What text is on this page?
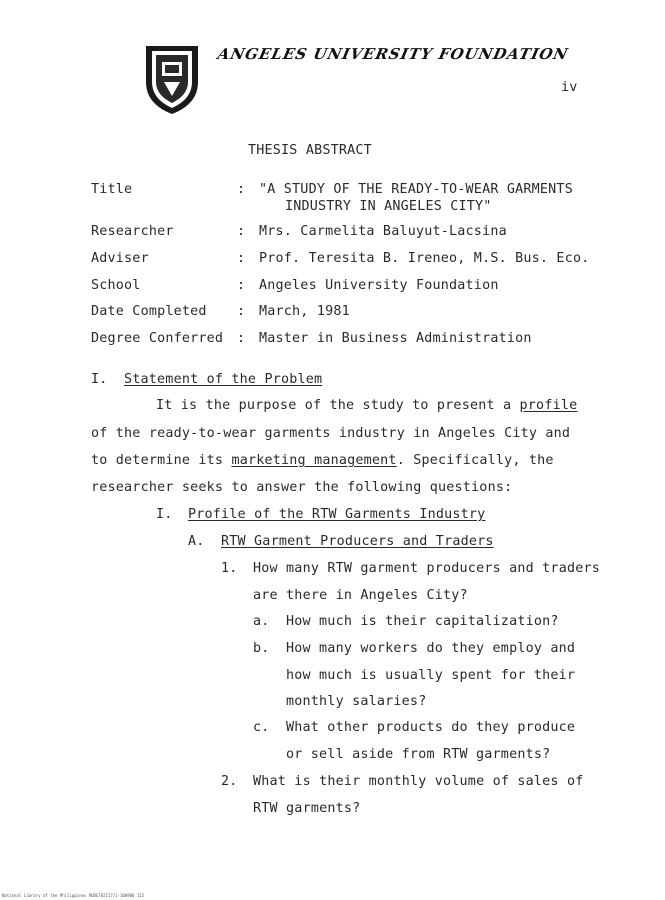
ANGELES UNIVERSITY FOUNDATION
iv
THESIS ABSTRACT
Title	: "A STUDY OF THE READY-TO-WEAR GARMENTS
INDUSTRY IN ANGELES CITY"
Researcher	: Mrs. Carmelita Baluyut-Lacsina
Adviser	: Prof. Teresita B. Ireneo, M.S. Bus. Eco.
School	: Angeles University Foundation
Date Completed : March, 1981
Degree Conferred : Master in Business Administration
I. Statement of the Problem
It is the purpose of the study to present a profile
of the ready-to-wear garments industry in Angeles City and
to determine its marketing management. Specifically, the
researcher seeks to answer the following questions:
I. Profile of the RTW Garments Industry
A. RTW Garment Producers and Traders
1. How many RTW garment producers and traders
are there in Angeles City?
a. How much is their capitalization?
b. How many workers do they employ and
how much is usually spent for their
monthly salaries?
c. What other products do they produce
or sell aside from RTW garments?
2. What is their monthly volume of sales of
RTW garments?
National Library of the Philippines RUDGT02157/1-100908 115
